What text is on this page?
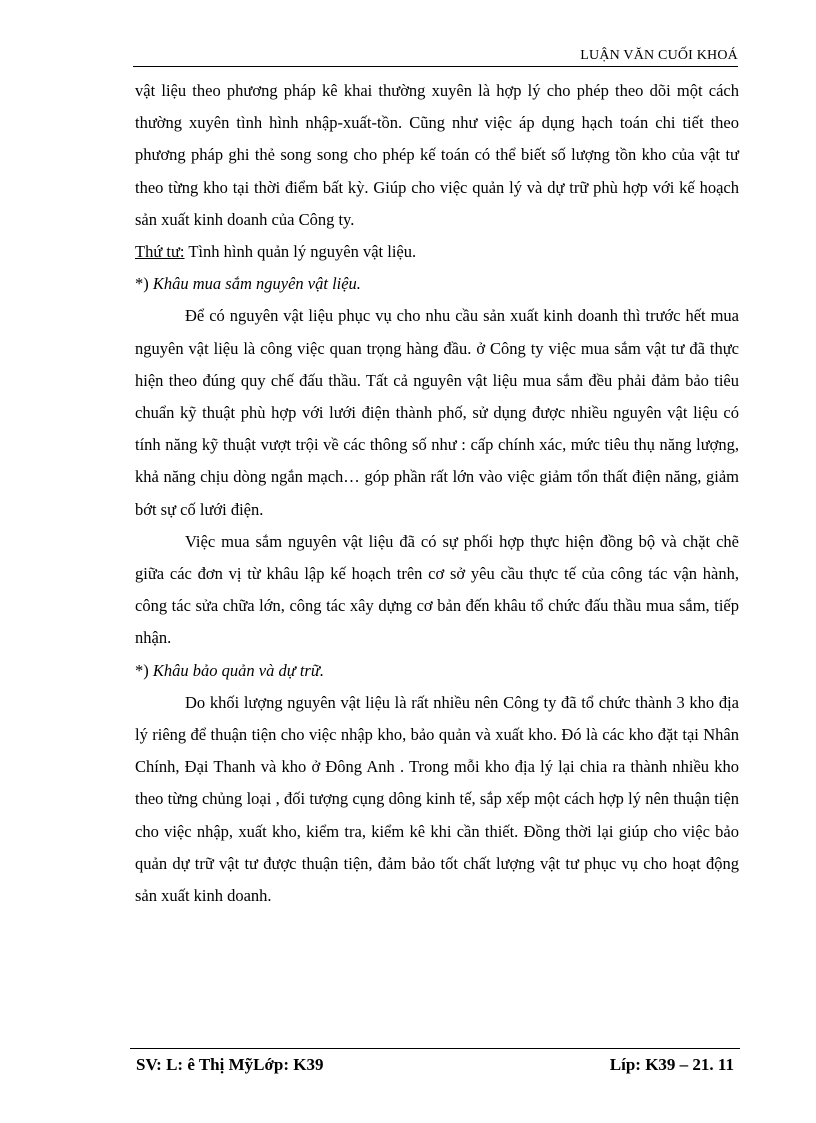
LUẬN VĂN CUỐI KHOÁ

vật liệu theo phương pháp kê khai thường xuyên là hợp lý cho phép theo dõi một cách thường xuyên tình hình nhập-xuất-tồn. Cũng như việc áp dụng hạch toán chi tiết theo phương pháp ghi thẻ song song cho phép kế toán có thể biết số lượng tồn kho của vật tư theo từng kho tại thời điểm bất kỳ. Giúp cho việc quản lý và dự trữ phù hợp với kế hoạch sản xuất kinh doanh của Công ty.

Thứ tư: Tình hình quản lý nguyên vật liệu.

*) Khâu mua sắm nguyên vật liệu.

Để có nguyên vật liệu phục vụ cho nhu cầu sản xuất kinh doanh thì trước hết mua nguyên vật liệu là công việc quan trọng hàng đầu. ở Công ty việc mua sắm vật tư đã thực hiện theo đúng quy chế đấu thầu. Tất cả nguyên vật liệu mua sắm đều phải đảm bảo tiêu chuẩn kỹ thuật phù hợp với lưới điện thành phố, sử dụng được nhiều nguyên vật liệu có tính năng kỹ thuật vượt trội về các thông số như : cấp chính xác, mức tiêu thụ năng lượng, khả năng chịu dòng ngắn mạch… góp phần rất lớn vào việc giảm tổn thất điện năng, giảm bớt sự cố lưới điện.

Việc mua sắm nguyên vật liệu đã có sự phối hợp thực hiện đồng bộ và chặt chẽ giữa các đơn vị từ khâu lập kế hoạch trên cơ sở yêu cầu thực tế của công tác vận hành, công tác sửa chữa lớn, công tác xây dựng cơ bản đến khâu tổ chức đấu thầu mua sắm, tiếp nhận.

*) Khâu bảo quản và dự trữ.

Do khối lượng nguyên vật liệu là rất nhiều nên Công ty đã tổ chức thành 3 kho địa lý riêng để thuận tiện cho việc nhập kho, bảo quản và xuất kho. Đó là các kho đặt tại Nhân Chính, Đại Thanh và kho ở Đông Anh . Trong mỗi kho địa lý lại chia ra thành nhiều kho theo từng chủng loại , đối tượng cụng dông kinh tế, sắp xếp một cách hợp lý nên thuận tiện cho việc nhập, xuất kho, kiểm tra, kiểm kê khi cần thiết. Đồng thời lại giúp cho việc bảo quản dự trữ vật tư được thuận tiện, đảm bảo tốt chất lượng vật tư phục vụ cho hoạt động sản xuất kinh doanh.

SV: L: ê Thị MỹLớp: K39	Líp: K39 – 21. 11
